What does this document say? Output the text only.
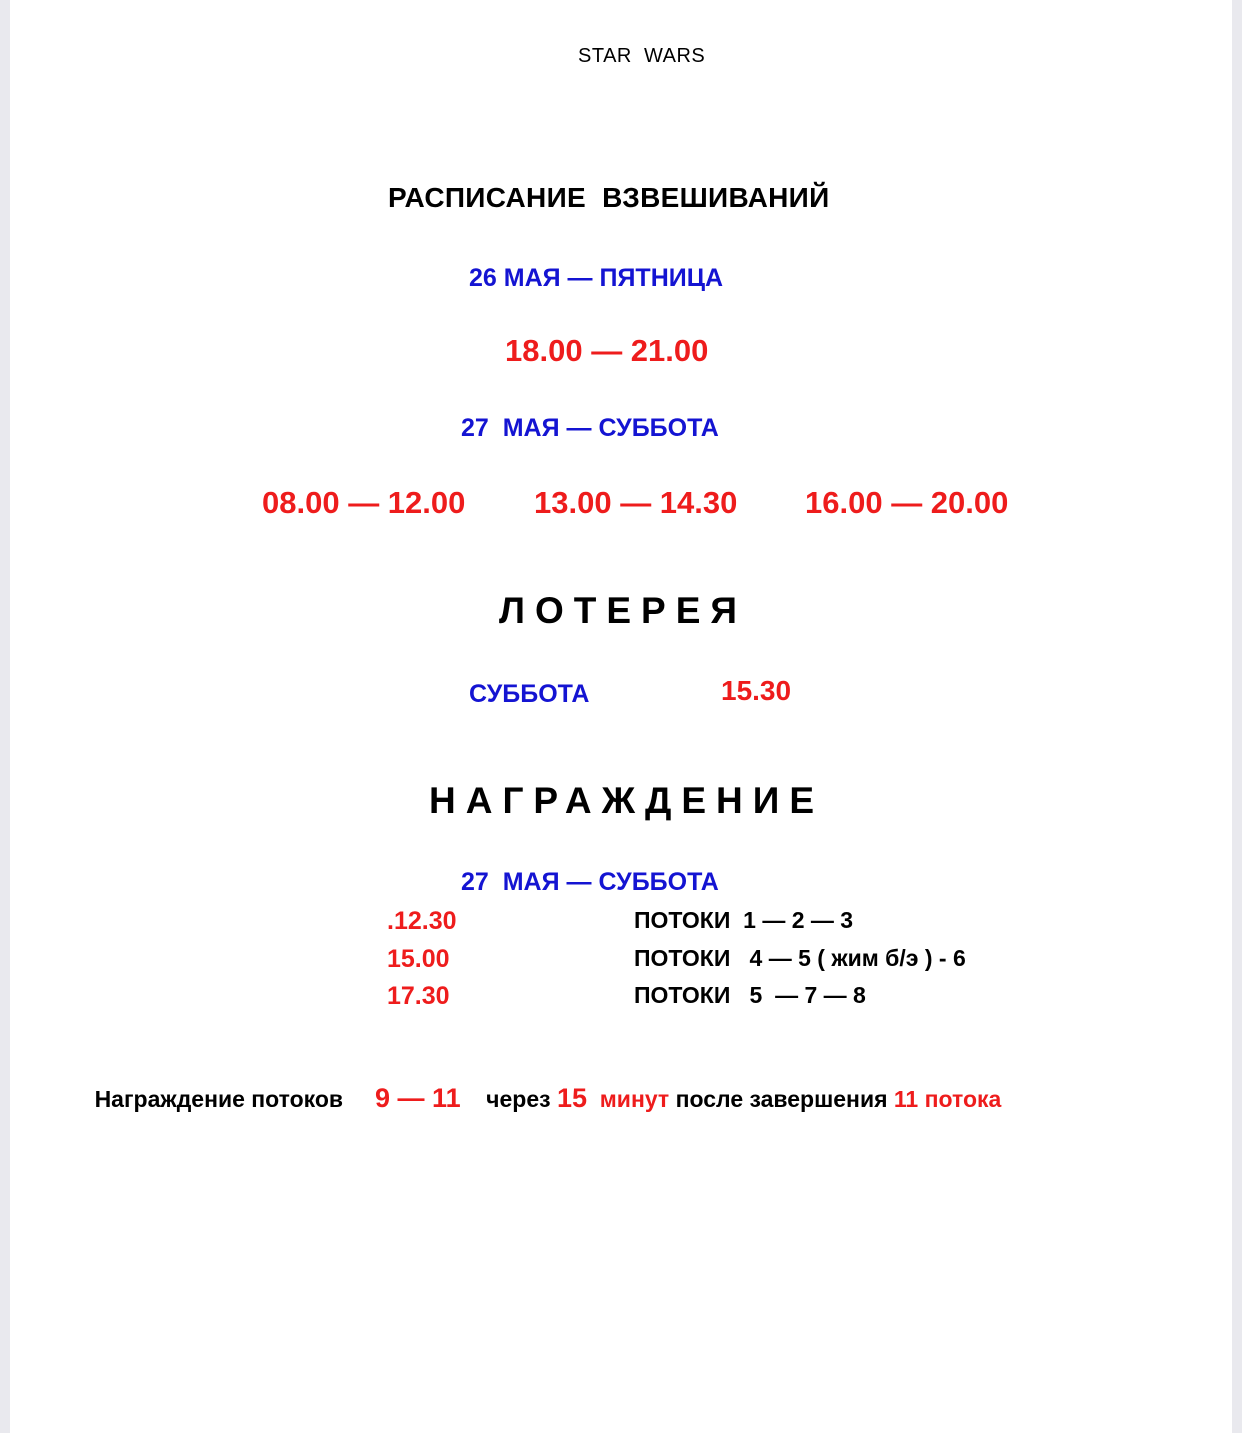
STAR  WARS
РАСПИСАНИЕ  ВЗВЕШИВАНИЙ
26 МАЯ — ПЯТНИЦА
18.00 — 21.00
27  МАЯ — СУББОТА
08.00 — 12.00 13.00 — 14.30 16.00 — 20.00
ЛОТЕРЕЯ
СУББОТА	15.30
НАГРАЖДЕНИЕ
27  МАЯ — СУББОТА
.12.30	ПОТОКИ  1 — 2 — 3
15.00	ПОТОКИ   4 — 5 ( жим б/э ) - 6
17.30	ПОТОКИ   5  — 7 — 8

Награждение потоков 9 — 11 через 15 минут после завершения 11 потока
